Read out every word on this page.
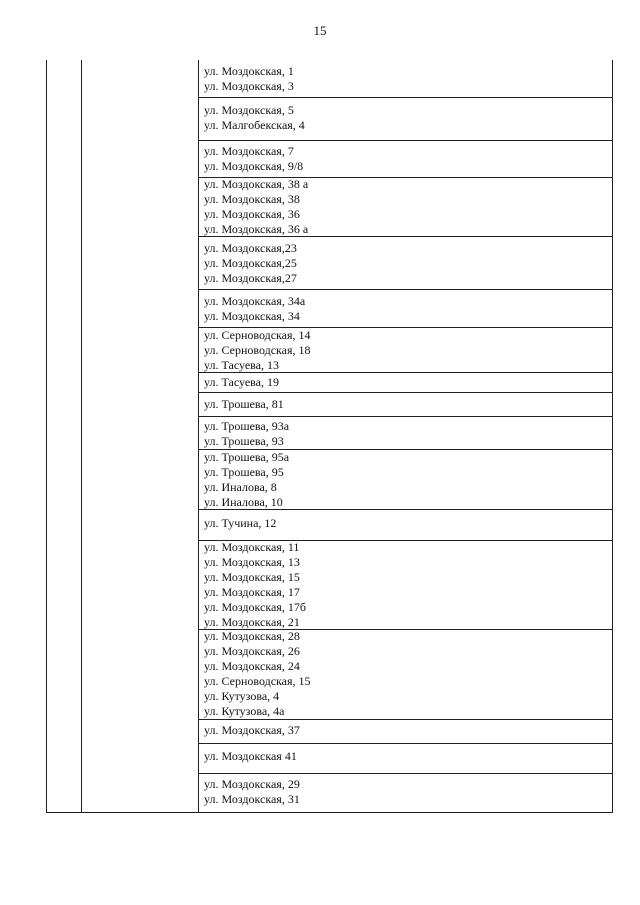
15
ул. Моздокская, 1
ул. Моздокская, 3
ул. Моздокская, 5
ул. Малгобекская, 4
ул. Моздокская, 7
ул. Моздокская, 9/8
ул. Моздокская, 38 а
ул. Моздокская, 38
ул. Моздокская, 36
ул. Моздокская, 36 а
ул. Моздокская,23
ул. Моздокская,25
ул. Моздокская,27
ул. Моздокская, 34а
ул. Моздокская, 34
ул. Серноводская, 14
ул. Серноводская, 18
ул. Тасуева, 13
ул. Тасуева, 19
ул. Трошева, 81
ул. Трошева, 93а
ул. Трошева, 93
ул. Трошева, 95а
ул. Трошева, 95
ул. Иналова, 8
ул. Иналова, 10
ул. Тучина, 12
ул. Моздокская, 11
ул. Моздокская, 13
ул. Моздокская, 15
ул. Моздокская, 17
ул. Моздокская, 17б
ул. Моздокская, 21
ул. Моздокская, 28
ул. Моздокская, 26
ул. Моздокская, 24
ул. Серноводская, 15
ул. Кутузова, 4
ул. Кутузова, 4а
ул. Моздокская, 37
ул. Моздокская 41
ул. Моздокская, 29
ул. Моздокская, 31
